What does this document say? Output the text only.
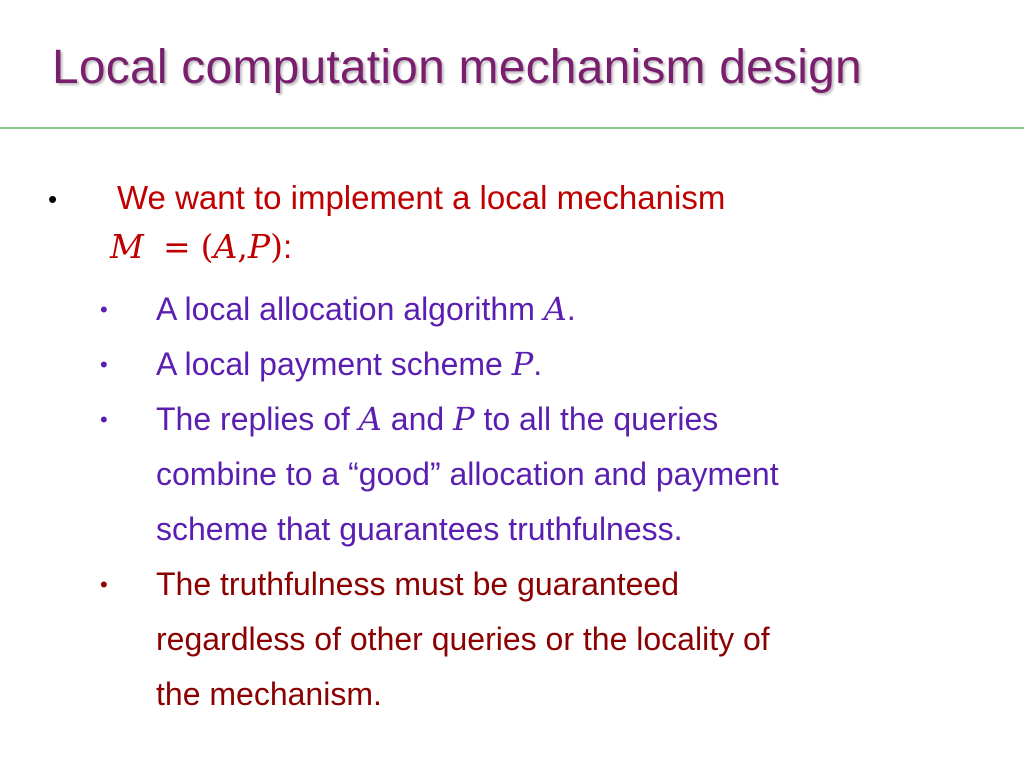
Local computation mechanism design
• We want to implement a local mechanism
M = (A,P):
• A local allocation algorithm A.
• A local payment scheme P.
• The replies of A and P to all the queries
combine to a “good” allocation and payment
scheme that guarantees truthfulness.
• The truthfulness must be guaranteed
regardless of other queries or the locality of
the mechanism.
